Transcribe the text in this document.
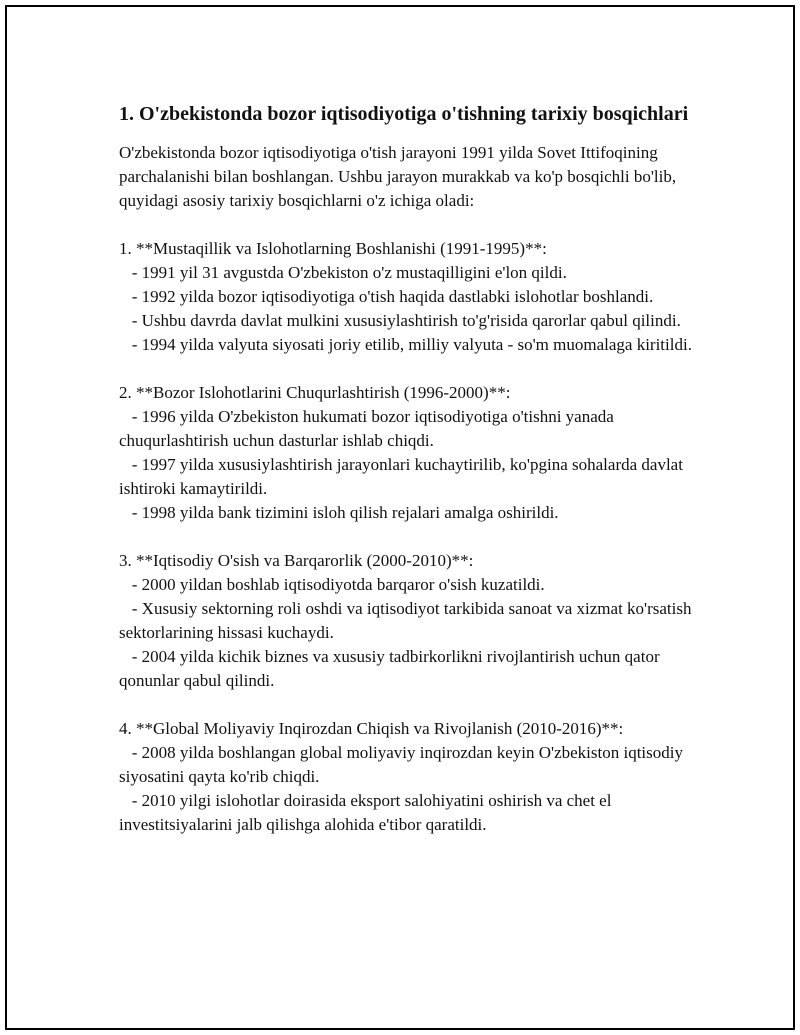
1. O'zbekistonda bozor iqtisodiyotiga o'tishning tarixiy bosqichlari
O'zbekistonda bozor iqtisodiyotiga o'tish jarayoni 1991 yilda Sovet Ittifoqining parchalanishi bilan boshlangan. Ushbu jarayon murakkab va ko'p bosqichli bo'lib, quyidagi asosiy tarixiy bosqichlarni o'z ichiga oladi:

1. **Mustaqillik va Islohotlarning Boshlanishi (1991-1995)**:
- 1991 yil 31 avgustda O'zbekiston o'z mustaqilligini e'lon qildi.
- 1992 yilda bozor iqtisodiyotiga o'tish haqida dastlabki islohotlar boshlandi.
- Ushbu davrda davlat mulkini xususiylashtirish to'g'risida qarorlar qabul qilindi.
- 1994 yilda valyuta siyosati joriy etilib, milliy valyuta - so'm muomalaga kiritildi.

2. **Bozor Islohotlarini Chuqurlashtirish (1996-2000)**:
- 1996 yilda O'zbekiston hukumati bozor iqtisodiyotiga o'tishni yanada chuqurlashtirish uchun dasturlar ishlab chiqdi.
- 1997 yilda xususiylashtirish jarayonlari kuchaytirilib, ko'pgina sohalarda davlat ishtiroki kamaytirildi.
- 1998 yilda bank tizimini isloh qilish rejalari amalga oshirildi.

3. **Iqtisodiy O'sish va Barqarorlik (2000-2010)**:
- 2000 yildan boshlab iqtisodiyotda barqaror o'sish kuzatildi.
- Xususiy sektorning roli oshdi va iqtisodiyot tarkibida sanoat va xizmat ko'rsatish sektorlarining hissasi kuchaydi.
- 2004 yilda kichik biznes va xususiy tadbirkorlikni rivojlantirish uchun qator qonunlar qabul qilindi.

4. **Global Moliyaviy Inqirozdan Chiqish va Rivojlanish (2010-2016)**:
- 2008 yilda boshlangan global moliyaviy inqirozdan keyin O'zbekiston iqtisodiy siyosatini qayta ko'rib chiqdi.
- 2010 yilgi islohotlar doirasida eksport salohiyatini oshirish va chet el investitsiyalarini jalb qilishga alohida e'tibor qaratildi.
